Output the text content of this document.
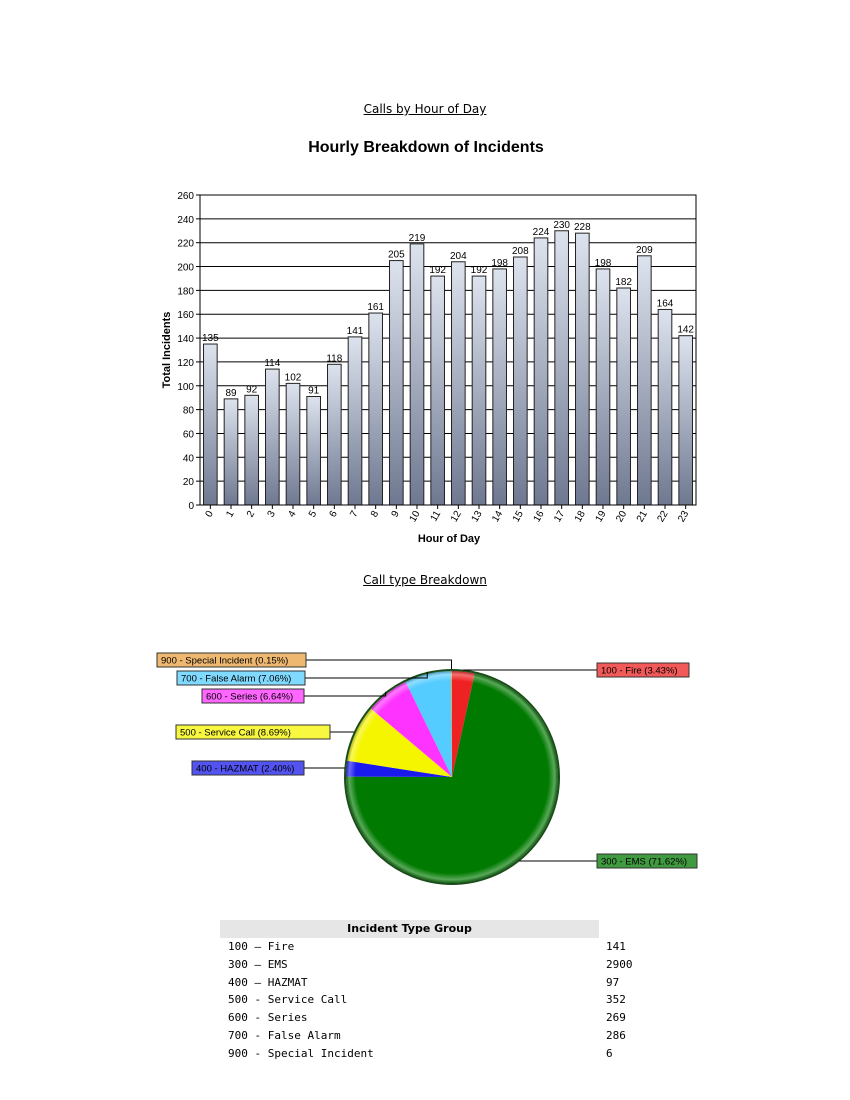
Calls by Hour of Day
Hourly Breakdown of Incidents
135
89 92
114
102
91
118
141
161
205
219
192
204
192
198
208
224
230 228
198
182
209
164
142
0 1 2 3 4 5 6 7 8 9 10 11 12 13 14 15 16 17 18 19 20 21 22 23
0
20
40
60
80
100
120
140
160
180
200
220
240
260
Hour of Day
Total Incidents
Call type Breakdown
100 - Fire (3.43%)
300 - EMS (71.62%)
400 - HAZMAT (2.40%)
500 - Service Call (8.69%)
600 - Series (6.64%)
700 - False Alarm (7.06%)
900 - Special Incident (0.15%)
Incident Type Group
100 – Fire	141
300 – EMS	2900
400 – HAZMAT	97
500 - Service Call	352
600 - Series	269
700 - False Alarm	286
900 - Special Incident	6
